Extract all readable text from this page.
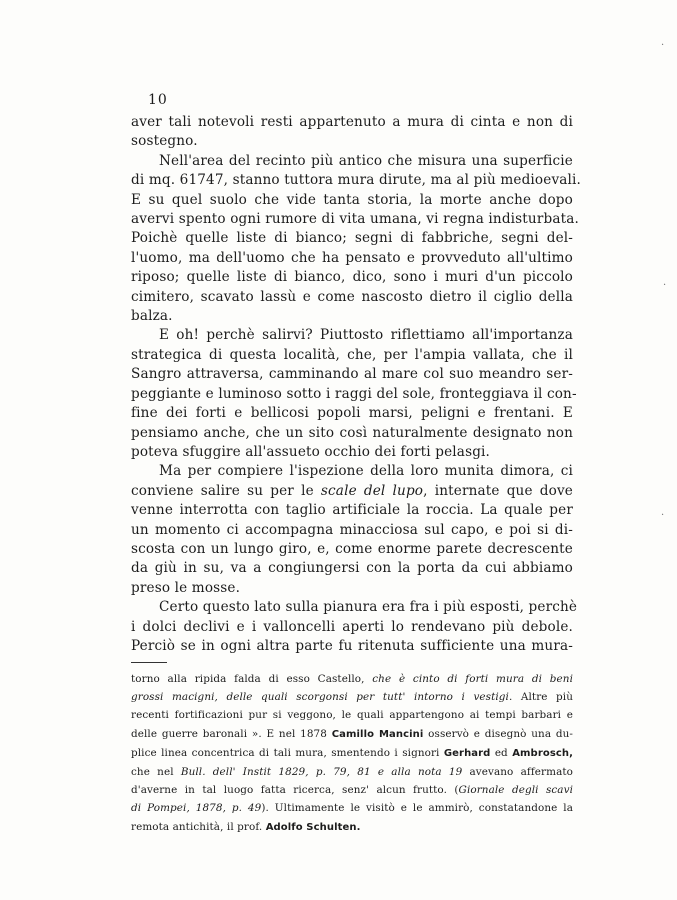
10
aver tali notevoli resti appartenuto a mura di cinta e non di
sostegno.
Nell'area del recinto più antico che misura una superficie
di mq. 61747, stanno tuttora mura dirute, ma al più medioevali.
E su quel suolo che vide tanta storia, la morte anche dopo
avervi spento ogni rumore di vita umana, vi regna indisturbata.
Poichè quelle liste di bianco; segni di fabbriche, segni del-
l'uomo, ma dell'uomo che ha pensato e provveduto all'ultimo
riposo; quelle liste di bianco, dico, sono i muri d'un piccolo
cimitero, scavato lassù e come nascosto dietro il ciglio della
balza.
E oh! perchè salirvi? Piuttosto riflettiamo all'importanza
strategica di questa località, che, per l'ampia vallata, che il
Sangro attraversa, camminando al mare col suo meandro ser-
peggiante e luminoso sotto i raggi del sole, fronteggiava il con-
fine dei forti e bellicosi popoli marsi, peligni e frentani. E
pensiamo anche, che un sito così naturalmente designato non
poteva sfuggire all'assueto occhio dei forti pelasgi.
Ma per compiere l'ispezione della loro munita dimora, ci
conviene salire su per le scale del lupo, internate que dove
venne interrotta con taglio artificiale la roccia. La quale per
un momento ci accompagna minacciosa sul capo, e poi si di-
scosta con un lungo giro, e, come enorme parete decrescente
da giù in su, va a congiungersi con la porta da cui abbiamo
preso le mosse.
Certo questo lato sulla pianura era fra i più esposti, perchè
i dolci declivi e i valloncelli aperti lo rendevano più debole.
Perciò se in ogni altra parte fu ritenuta sufficiente una mura-
torno alla ripida falda di esso Castello, che è cinto di forti mura di beni
grossi macigni, delle quali scorgonsi per tutt' intorno i vestigi. Altre più
recenti fortificazioni pur si veggono, le quali appartengono ai tempi barbari e
delle guerre baronali ». E nel 1878 Camillo Mancini osservò e disegnò una du-
plice linea concentrica di tali mura, smentendo i signori Gerhard ed Ambrosch,
che nel Bull. dell' Instit 1829, p. 79, 81 e alla nota 19 avevano affermato
d'averne in tal luogo fatta ricerca, senz' alcun frutto. (Giornale degli scavi
di Pompei, 1878, p. 49). Ultimamente le visitò e le ammirò, constatandone la
remota antichità, il prof. Adolfo Schulten.
·
·
·
